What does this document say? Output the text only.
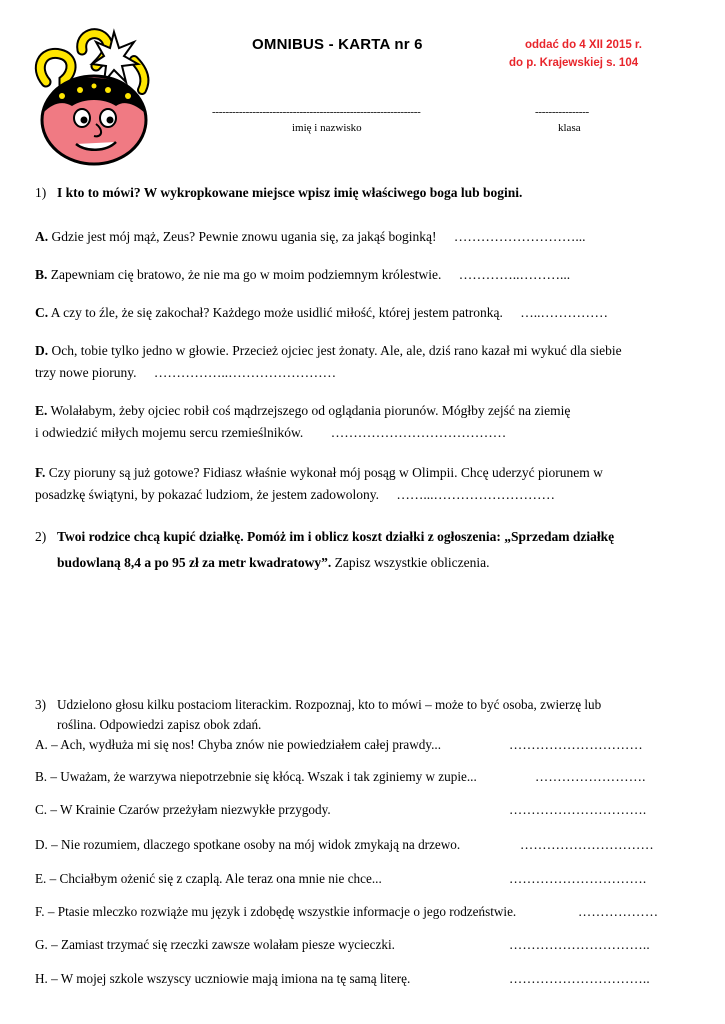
OMNIBUS - KARTA nr 6	oddać do 4 XII 2015 r.
do p. Krajewskiej s. 104
--------------------------------------------------------------	----------------
imię i nazwisko	klasa
1) I kto to mówi? W wykropkowane miejsce wpisz imię właściwego boga lub bogini.
A. Gdzie jest mój mąż, Zeus? Pewnie znowu ugania się, za jakąś boginką! ………………………...
B. Zapewniam cię bratowo, że nie ma go w moim podziemnym królestwie. …………..………...
C. A czy to źle, że się zakochał? Każdego może usidlić miłość, której jestem patronką. …..……………
D. Och, tobie tylko jedno w głowie. Przecież ojciec jest żonaty. Ale, ale, dziś rano kazał mi wykuć dla siebie
trzy nowe pioruny. ……………..……………………
E. Wolałabym, żeby ojciec robił coś mądrzejszego od oglądania piorunów. Mógłby zejść na ziemię
i odwiedzić miłych mojemu sercu rzemieślników. …………………………………
F. Czy pioruny są już gotowe? Fidiasz właśnie wykonał mój posąg w Olimpii. Chcę uderzyć piorunem w
posadzkę świątyni, by pokazać ludziom, że jestem zadowolony. ……...………………………
2) Twoi rodzice chcą kupić działkę. Pomóż im i oblicz koszt działki z ogłoszenia: „Sprzedam działkę
budowlaną 8,4 a po 95 zł za metr kwadratowy”. Zapisz wszystkie obliczenia.
3) Udzielono głosu kilku postaciom literackim. Rozpoznaj, kto to mówi – może to być osoba, zwierzę lub
roślina. Odpowiedzi zapisz obok zdań.
A. – Ach, wydłuża mi się nos! Chyba znów nie powiedziałem całej prawdy...	…………………………
B. – Uważam, że warzywa niepotrzebnie się kłócą. Wszak i tak zginiemy w zupie...	…………………….
C. – W Krainie Czarów przeżyłam niezwykłe przygody.	………………………….
D. – Nie rozumiem, dlaczego spotkane osoby na mój widok zmykają na drzewo.	…………………………
E. – Chciałbym ożenić się z czaplą. Ale teraz ona mnie nie chce...	………………………….
F. – Ptasie mleczko rozwiąże mu język i zdobędę wszystkie informacje o jego rodzeństwie.	………………
G. – Zamiast trzymać się rzeczki zawsze wolałam piesze wycieczki.	…………………………..
H. – W mojej szkole wszyscy uczniowie mają imiona na tę samą literę.	…………………………..
